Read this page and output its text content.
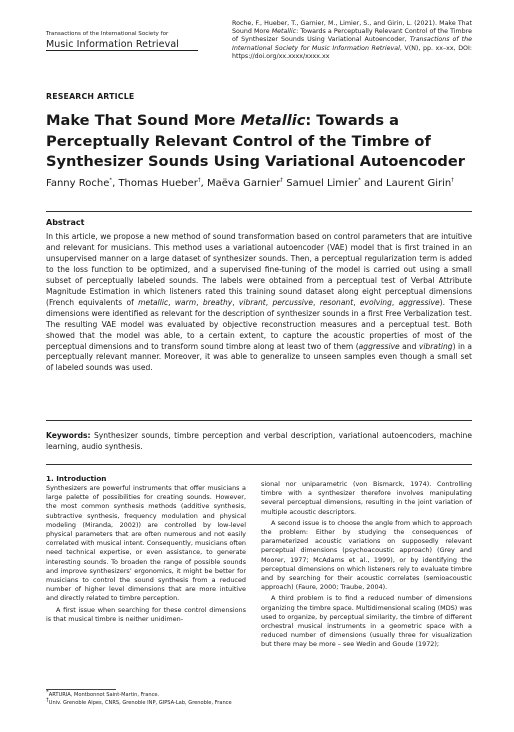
Transactions of the International Society for
Music Information Retrieval
Roche, F., Hueber, T., Garnier, M., Limier, S., and Girin, L. (2021). Make That Sound More Metallic: Towards a Perceptually Relevant Control of the Timbre of Synthesizer Sounds Using Variational Autoencoder, Transactions of the International Society for Music Information Retrieval, V(N), pp. xx–xx, DOI: https://doi.org/xx.xxxx/xxxx.xx
RESEARCH ARTICLE
Make That Sound More Metallic: Towards a Perceptually Relevant Control of the Timbre of Synthesizer Sounds Using Variational Autoencoder
Fanny Roche*, Thomas Hueber†, Maëva Garnier† Samuel Limier* and Laurent Girin†
Abstract
In this article, we propose a new method of sound transformation based on control parameters that are intuitive and relevant for musicians. This method uses a variational autoencoder (VAE) model that is first trained in an unsupervised manner on a large dataset of synthesizer sounds. Then, a perceptual regularization term is added to the loss function to be optimized, and a supervised fine-tuning of the model is carried out using a small subset of perceptually labeled sounds. The labels were obtained from a perceptual test of Verbal Attribute Magnitude Estimation in which listeners rated this training sound dataset along eight perceptual dimensions (French equivalents of metallic, warm, breathy, vibrant, percussive, resonant, evolving, aggressive). These dimensions were identified as relevant for the description of synthesizer sounds in a first Free Verbalization test. The resulting VAE model was evaluated by objective reconstruction measures and a perceptual test. Both showed that the model was able, to a certain extent, to capture the acoustic properties of most of the perceptual dimensions and to transform sound timbre along at least two of them (aggressive and vibrating) in a perceptually relevant manner. Moreover, it was able to generalize to unseen samples even though a small set of labeled sounds was used.
Keywords: Synthesizer sounds, timbre perception and verbal description, variational autoencoders, machine learning, audio synthesis.
1. Introduction

Synthesizers are powerful instruments that offer musicians a large palette of possibilities for creating sounds. However, the most common synthesis methods (additive synthesis, subtractive synthesis, frequency modulation and physical modeling (Miranda, 2002)) are controlled by low-level physical parameters that are often numerous and not easily correlated with musical intent. Consequently, musicians often need technical expertise, or even assistance, to generate interesting sounds. To broaden the range of possible sounds and improve synthesizers’ ergonomics, it might be better for musicians to control the sound synthesis from a reduced number of higher level dimensions that are more intuitive and directly related to timbre perception.

A first issue when searching for these control dimensions is that musical timbre is neither unidimen-

sional nor uniparametric (von Bismarck, 1974). Controlling timbre with a synthesizer therefore involves manipulating several perceptual dimensions, resulting in the joint variation of multiple acoustic descriptors.

A second issue is to choose the angle from which to approach the problem: Either by studying the consequences of parameterized acoustic variations on supposedly relevant perceptual dimensions (psychoacoustic approach) (Grey and Moorer, 1977; McAdams et al., 1999), or by identifying the perceptual dimensions on which listeners rely to evaluate timbre and by searching for their acoustic correlates (semioacoustic approach) (Faure, 2000; Traube, 2004).

A third problem is to find a reduced number of dimensions organizing the timbre space. Multidimensional scaling (MDS) was used to organize, by perceptual similarity, the timbre of different orchestral musical instruments in a geometric space with a reduced number of dimensions (usually three for visualization but there may be more – see Wedin and Goude (1972);

*ARTURIA, Montbonnot Saint-Martin, France.
†Univ. Grenoble Alpes, CNRS, Grenoble INP, GIPSA-Lab, Grenoble, France
